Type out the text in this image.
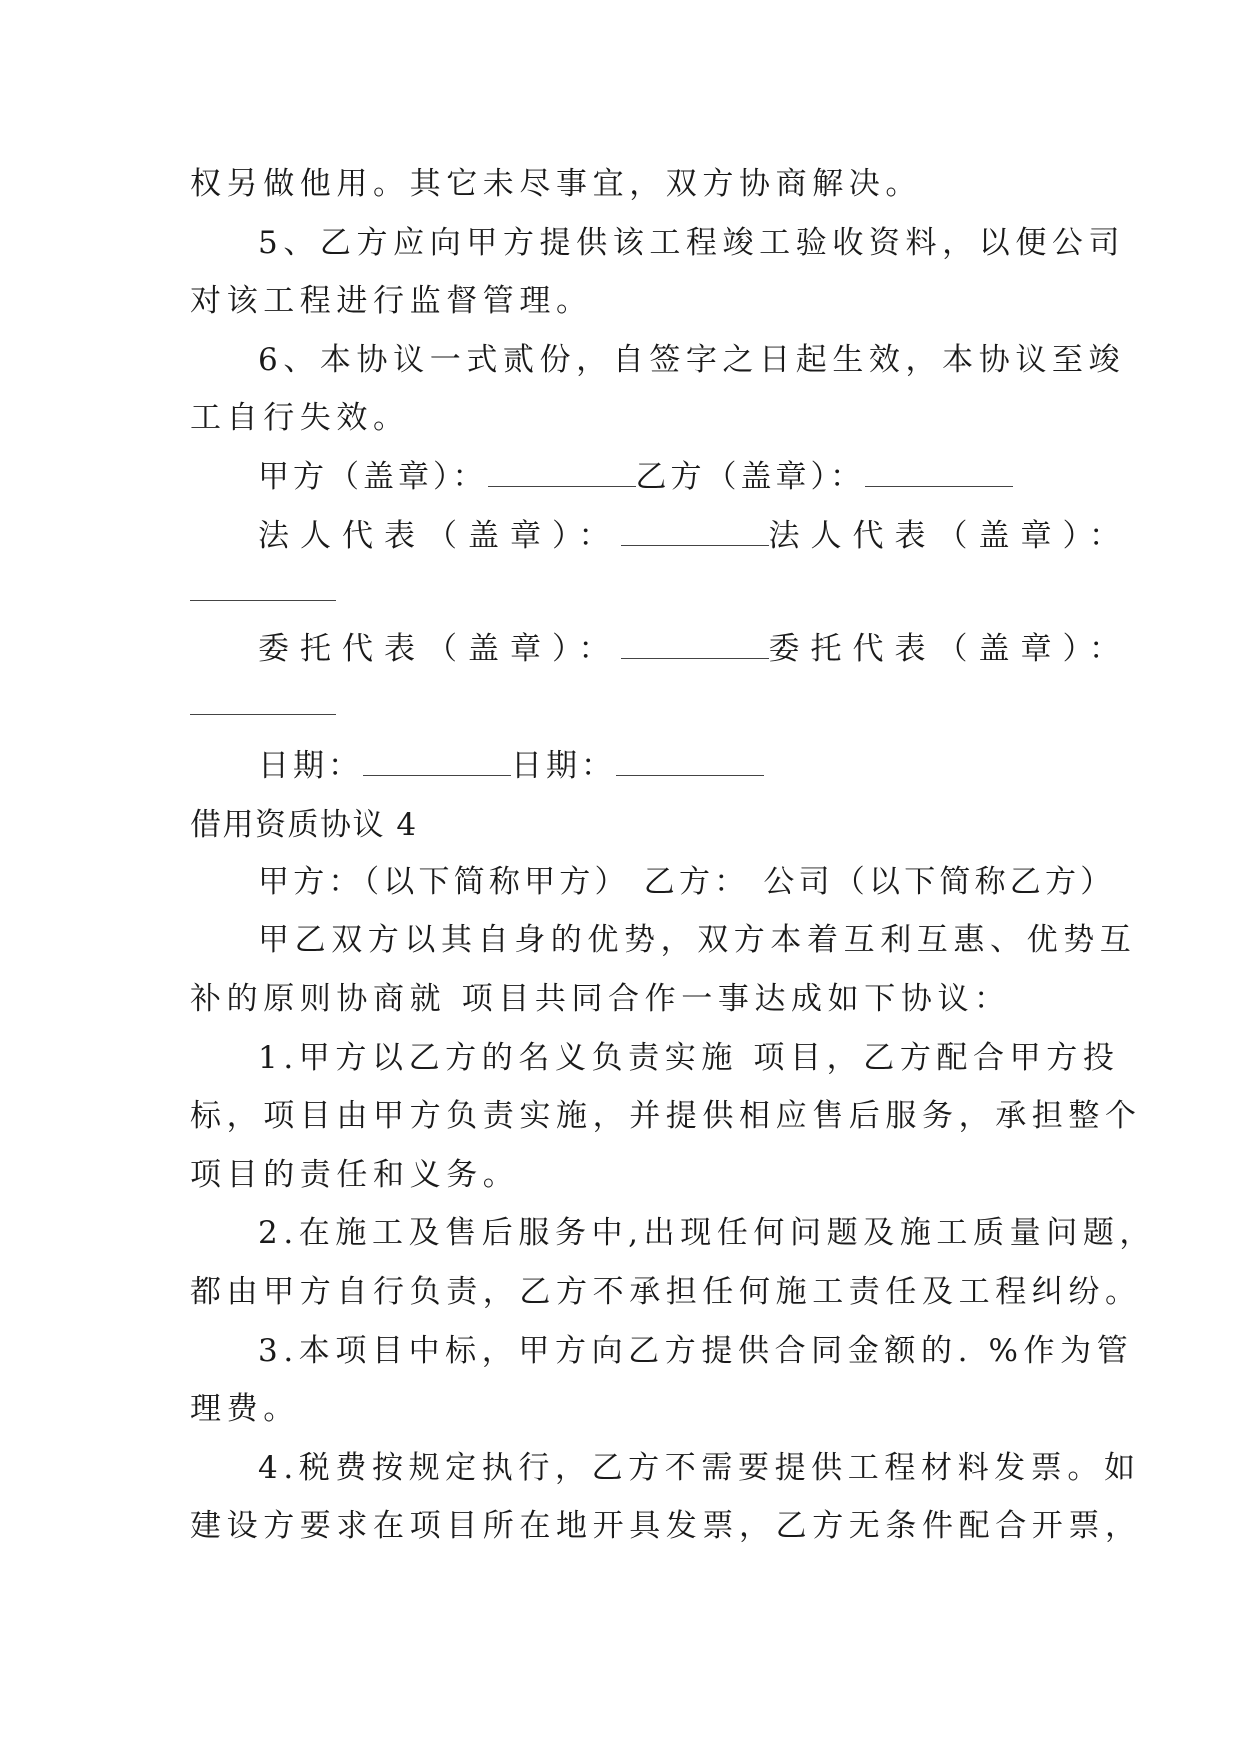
权另做他用。其它未尽事宜，双方协商解决。
5、乙方应向甲方提供该工程竣工验收资料，以便公司
对该工程进行监督管理。
6、本协议一式贰份，自签字之日起生效，本协议至竣
工自行失效。
甲方（盖章）：	乙方（盖章）：
法人代表（盖章）：	法人代表（盖章）：
委托代表（盖章）：	委托代表（盖章）：
日期：	日期：
借用资质协议 4
甲方：（以下简称甲方） 乙方： 公司（以下简称乙方）
甲乙双方以其自身的优势，双方本着互利互惠、优势互
补的原则协商就 项目共同合作一事达成如下协议：
1.甲方以乙方的名义负责实施 项目，乙方配合甲方投
标，项目由甲方负责实施，并提供相应售后服务，承担整个
项目的责任和义务。
2.在施工及售后服务中,出现任何问题及施工质量问题，
都由甲方自行负责，乙方不承担任何施工责任及工程纠纷。
3.本项目中标，甲方向乙方提供合同金额的. %作为管
理费。
4.税费按规定执行，乙方不需要提供工程材料发票。如
建设方要求在项目所在地开具发票，乙方无条件配合开票，
